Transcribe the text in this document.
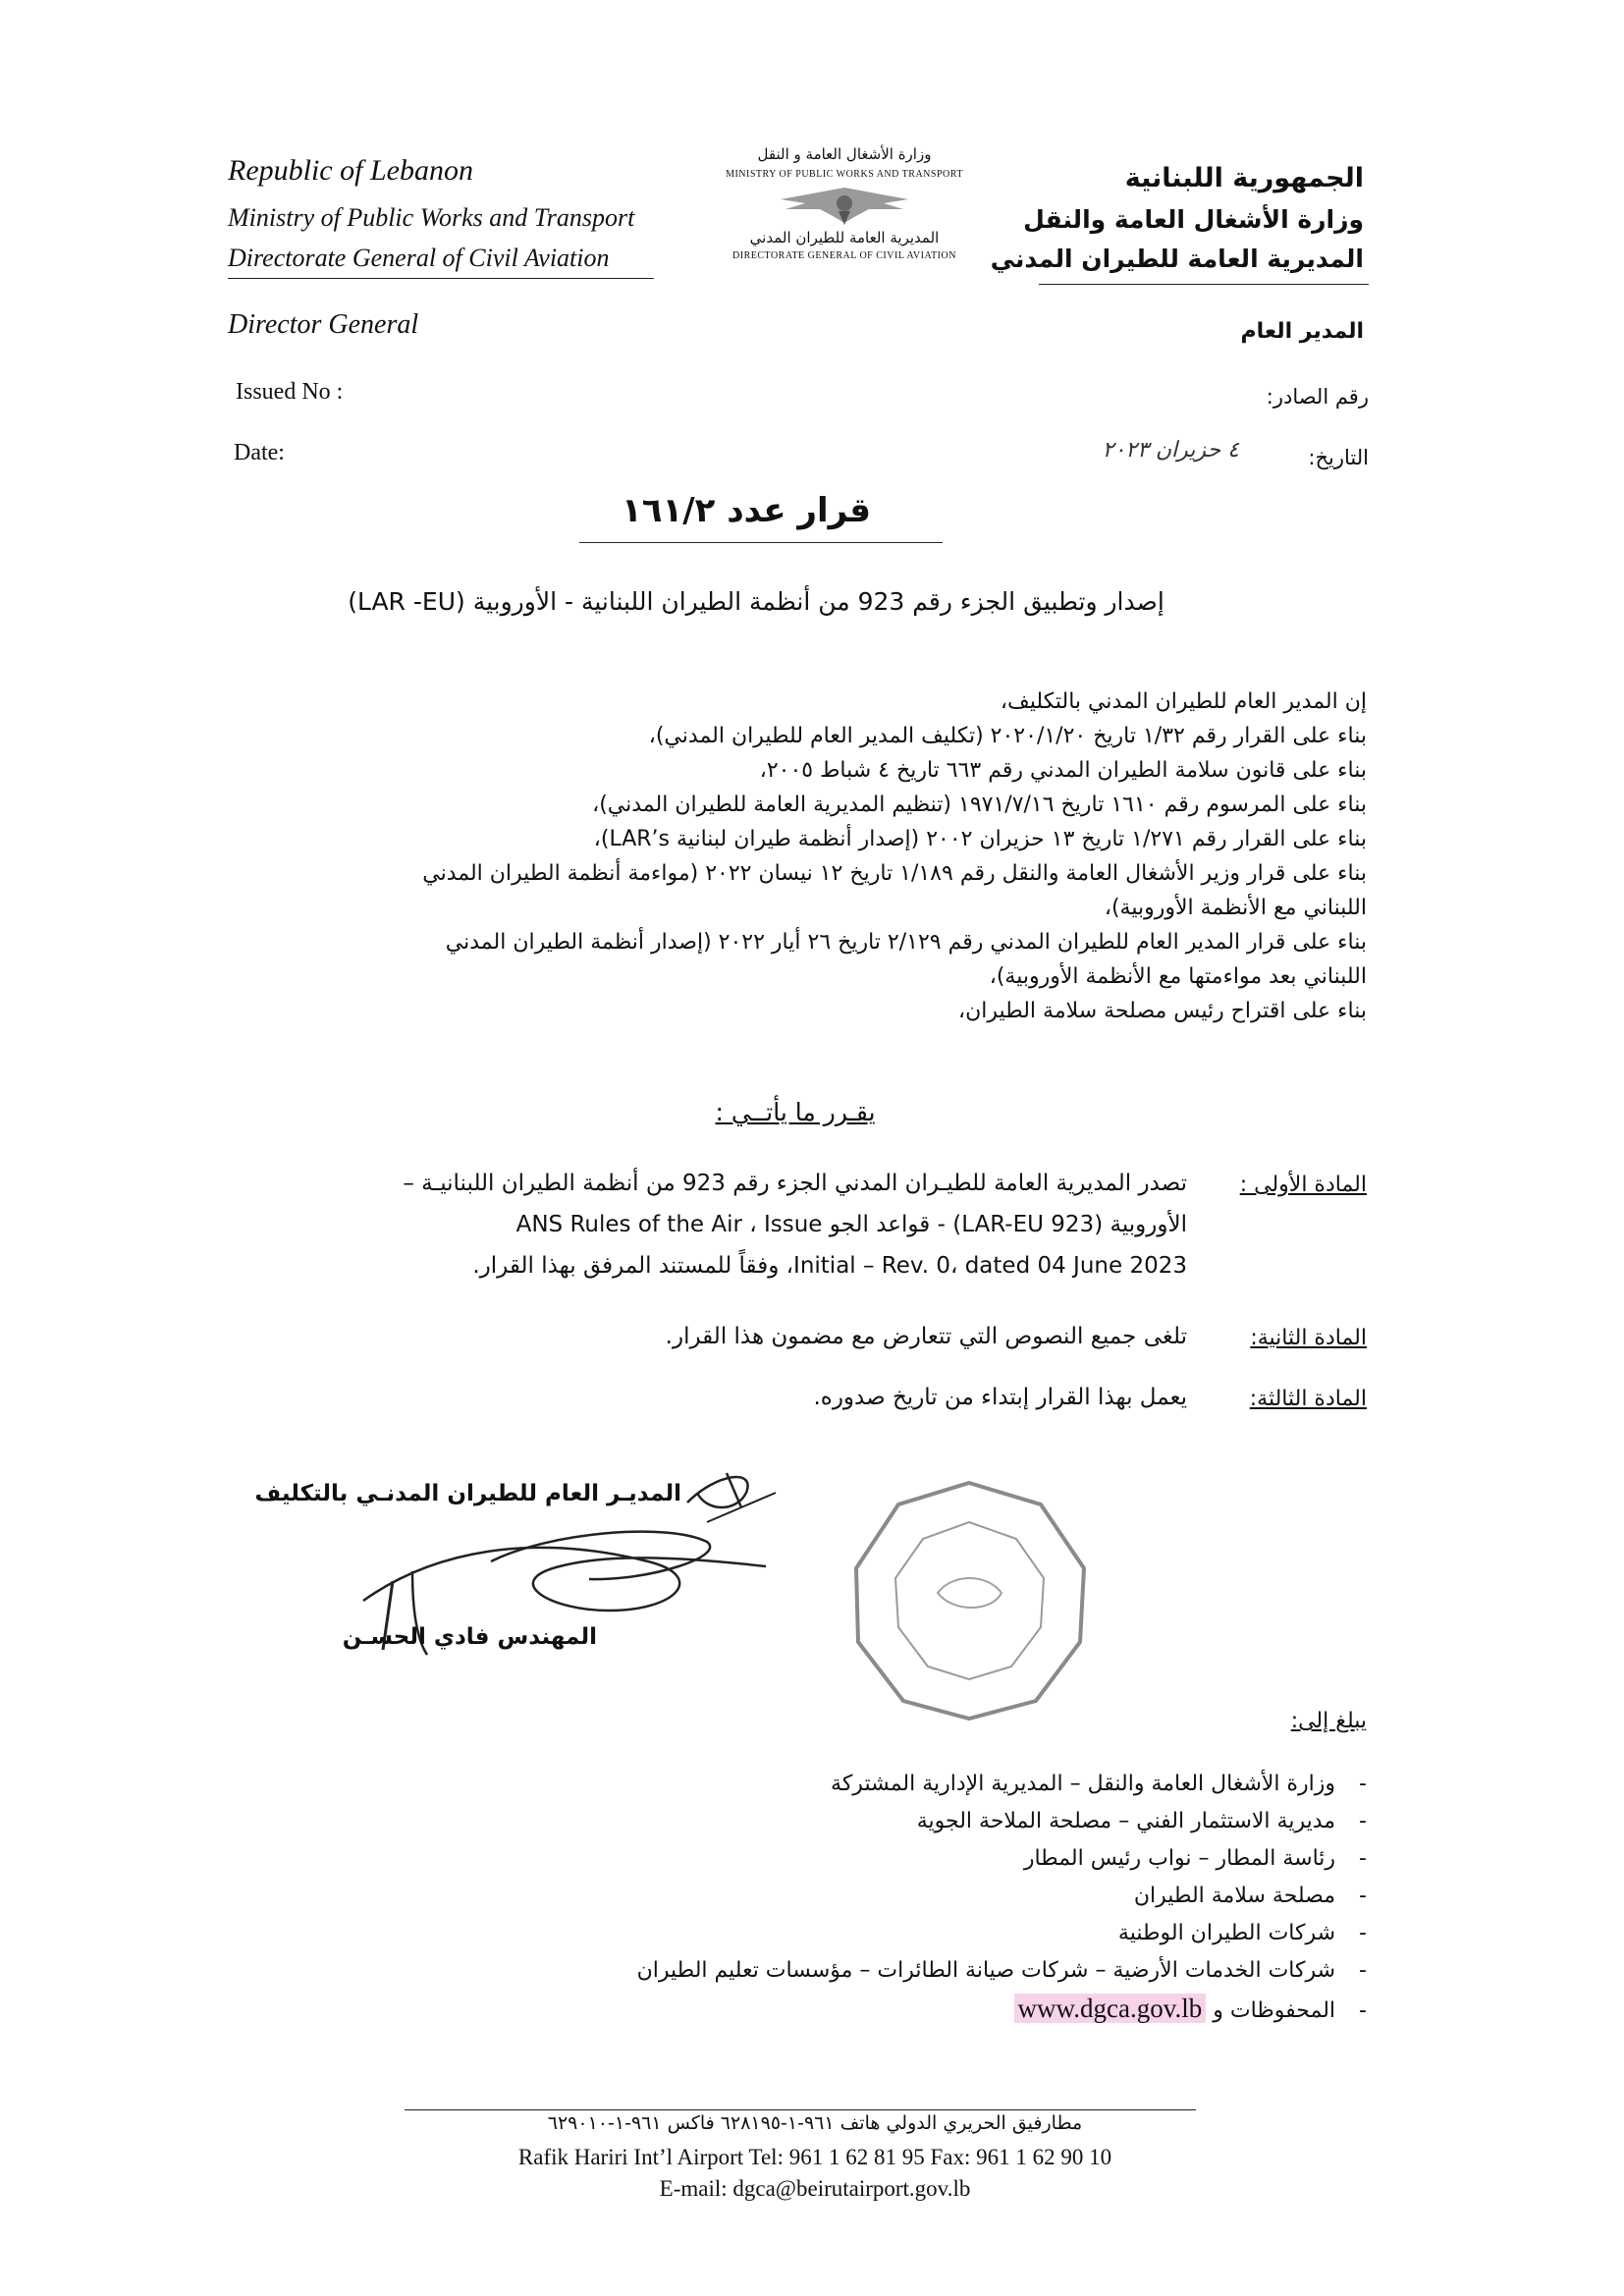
Republic of Lebanon
Ministry of Public Works and Transport
Directorate General of Civil Aviation
وزارة الأشغال العامة و النقل
MINISTRY OF PUBLIC WORKS AND TRANSPORT
المديرية العامة للطيران المدني
DIRECTORATE GENERAL OF CIVIL AVIATION
الجمهورية اللبنانية
وزارة الأشغال العامة والنقل
المديرية العامة للطيران المدني
Director General	المدير العام
Issued No :	رقم الصادر:
Date:	التاريخ:
٤ حزيران ٢٠٢٣
قرار عدد ١٦١/٢
إصدار وتطبيق الجزء رقم 923 من أنظمة الطيران اللبنانية - الأوروبية (LAR -EU)
إن المدير العام للطيران المدني بالتكليف،
بناء على القرار رقم ١/٣٢ تاريخ ٢٠٢٠/١/٢٠ (تكليف المدير العام للطيران المدني)،
بناء على قانون سلامة الطيران المدني رقم ٦٦٣ تاريخ ٤ شباط ٢٠٠٥،
بناء على المرسوم رقم ١٦١٠ تاريخ ١٩٧١/٧/١٦ (تنظيم المديرية العامة للطيران المدني)،
بناء على القرار رقم ١/٢٧١ تاريخ ١٣ حزيران ٢٠٠٢ (إصدار أنظمة طيران لبنانية LAR’s)،
بناء على قرار وزير الأشغال العامة والنقل رقم ١/١٨٩ تاريخ ١٢ نيسان ٢٠٢٢ (مواءمة أنظمة الطيران المدني
اللبناني مع الأنظمة الأوروبية)،
بناء على قرار المدير العام للطيران المدني رقم ٢/١٢٩ تاريخ ٢٦ أيار ٢٠٢٢ (إصدار أنظمة الطيران المدني
اللبناني بعد مواءمتها مع الأنظمة الأوروبية)،
بناء على اقتراح رئيس مصلحة سلامة الطيران،
يقـرر ما يأتــي :
المادة الأولى :
تصدر المديرية العامة للطيـران المدني الجزء رقم 923 من أنظمة الطيران اللبنانيـة –
الأوروبية (LAR-EU 923) - قواعد الجو ANS Rules of the Air ، Issue
Initial – Rev. 0، dated 04 June 2023، وفقاً للمستند المرفق بهذا القرار.
المادة الثانية:
تلغى جميع النصوص التي تتعارض مع مضمون هذا القرار.
المادة الثالثة:
يعمل بهذا القرار إبتداء من تاريخ صدوره.
المديـر العام للطيران المدنـي بالتكليف
المهندس فادي الحسـن
يبلغ إلى:
-وزارة الأشغال العامة والنقل – المديرية الإدارية المشتركة
-مديرية الاستثمار الفني – مصلحة الملاحة الجوية
-رئاسة المطار – نواب رئيس المطار
-مصلحة سلامة الطيران
-شركات الطيران الوطنية
-شركات الخدمات الأرضية – شركات صيانة الطائرات – مؤسسات تعليم الطيران
-المحفوظات و www.dgca.gov.lb
مطارفيق الحريري الدولي هاتف ٩٦١-١-٦٢٨١٩٥ فاكس ٩٦١-١-٦٢٩٠١٠
Rafik Hariri Int’l Airport Tel: 961 1 62 81 95 Fax: 961 1 62 90 10
E-mail: dgca@beirutairport.gov.lb
